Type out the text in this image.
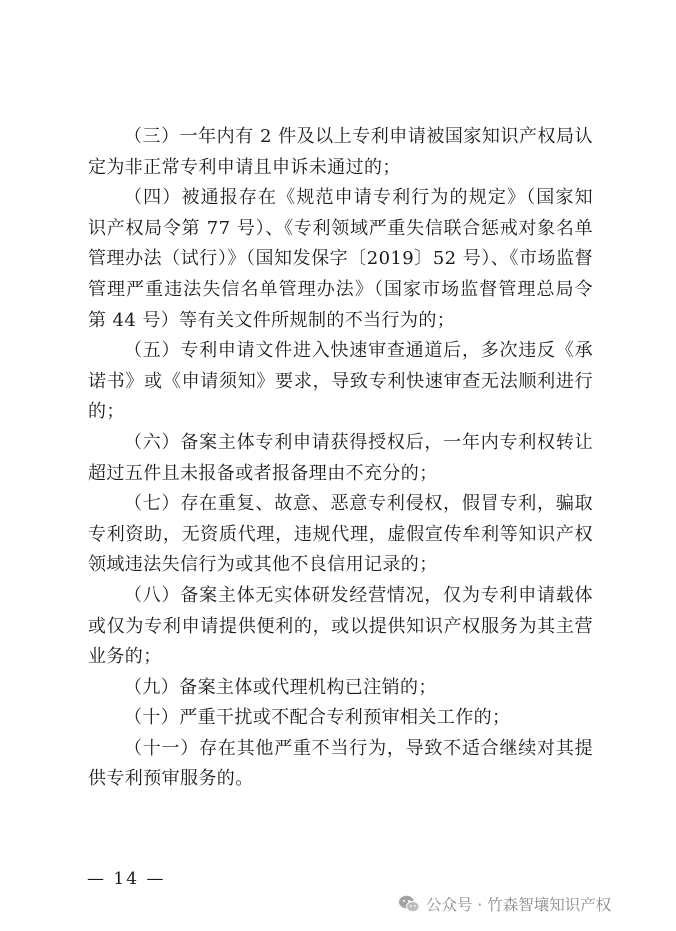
（三）一年内有 2 件及以上专利申请被国家知识产权局认定为非正常专利申请且申诉未通过的；

（四）被通报存在《规范申请专利行为的规定》（国家知识产权局令第 77 号）、《专利领域严重失信联合惩戒对象名单管理办法（试行）》（国知发保字〔2019〕52 号）、《市场监督管理严重违法失信名单管理办法》（国家市场监督管理总局令第 44 号）等有关文件所规制的不当行为的；

（五）专利申请文件进入快速审查通道后，多次违反《承诺书》或《申请须知》要求，导致专利快速审查无法顺利进行的；

（六）备案主体专利申请获得授权后，一年内专利权转让超过五件且未报备或者报备理由不充分的；

（七）存在重复、故意、恶意专利侵权，假冒专利，骗取专利资助，无资质代理，违规代理，虚假宣传牟利等知识产权领域违法失信行为或其他不良信用记录的；

（八）备案主体无实体研发经营情况，仅为专利申请载体或仅为专利申请提供便利的，或以提供知识产权服务为其主营业务的；

（九）备案主体或代理机构已注销的；

（十）严重干扰或不配合专利预审相关工作的；

（十一）存在其他严重不当行为，导致不适合继续对其提供专利预审服务的。

— 14 —
公众号 · 竹森智壤知识产权
